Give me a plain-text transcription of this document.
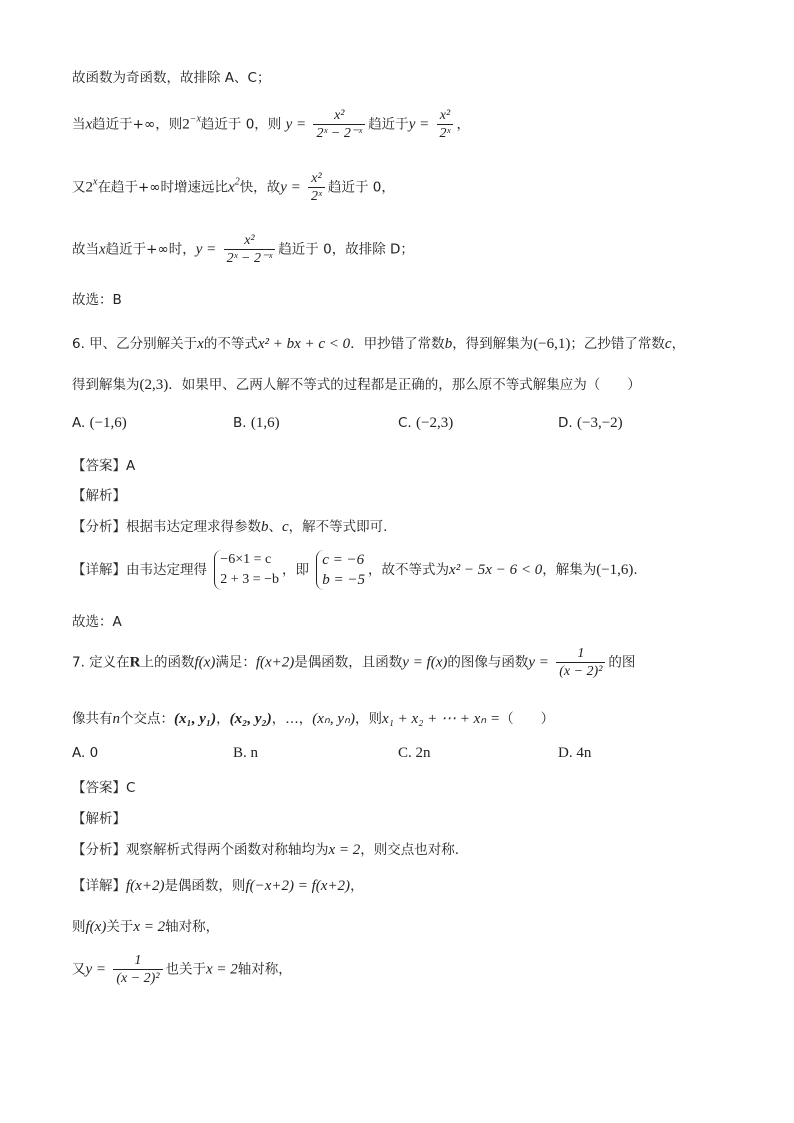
故函数为奇函数，故排除 A、C；
当x趋近于+∞，则$2^{-x}$趋近于 0，则 $y = \frac{\text{x²}}{\text{2ˣ − 2⁻ˣ}}$ 趋近于$y = \frac{\text{x²}}{\text{2ˣ}}$ ，
又2$^x$在趋于+∞时增速远比$x^2$快，故$y = \frac{\text{x²}}{\text{2ˣ}}$ 趋近于 0，
故当x趋近于+∞时，$y = \frac{\text{x²}}{\text{2ˣ − 2⁻ˣ}}$ 趋近于 0，故排除 D；
故选：B
6. 甲、乙分别解关于x的不等式x² + bx + c < 0．甲抄错了常数b，得到解集为(−6,1)；乙抄错了常数c，
得到解集为(2,3)．如果甲、乙两人解不等式的过程都是正确的，那么原不等式解集应为（　　）
A. (−1,6)	B. (1,6)	C. (−2,3)	D. (−3,−2)
【答案】A
【解析】
【分析】根据韦达定理求得参数b、c，解不等式即可.
【详解】由韦达定理得
−6×1 = c
2 + 3 = −b
，即
c = −6
b = −5
，故不等式为x² − 5x − 6 < 0，解集为(−1,6).
故选：A
7. 定义在R上的函数f(x)满足：f(x+2)是偶函数，且函数y = f(x)的图像与函数$y = \frac{1}{\text{(x − 2)²}}$ 的图
像共有n个交点：(x₁, y₁)，(x₂, y₂)，…，(xₙ, yₙ)，则x₁ + x₂ + ⋯ + xₙ =（　　）
A. 0	B. n	C. 2n	D. 4n
【答案】C
【解析】
【分析】观察解析式得两个函数对称轴均为x = 2，则交点也对称.
【详解】f(x+2)是偶函数，则f(−x+2) = f(x+2)，
则f(x)关于x = 2轴对称，
又$y = \frac{1}{\text{(x − 2)²}}$ 也关于x = 2轴对称，
